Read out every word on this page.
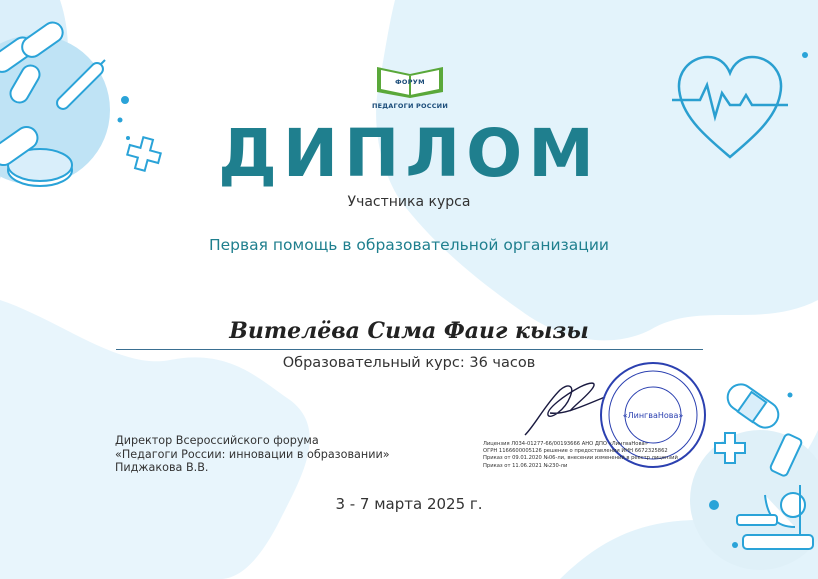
ФОРУМ
ПЕДАГОГИ РОССИИ
ДИПЛОМ
Участника курса
Первая помощь в образовательной организации
Вителёва Сима Фаиг кызы
Образовательный курс: 36 часов
Директор Всероссийского форума
«Педагоги России: инновации в образовании»
Пиджакова В.В.
«ЛингваНова»
Лицензия Л034-01277-66/00193666 АНО ДПО «ЛингваНова»
ОГРН 1166600005126 решение о предоставлении ИНН 6672325862
Приказ от 09.01.2020 №06-ли, внесении изменений в реестр лицензий
Приказ от 11.06.2021 №230-ли
3 - 7 марта 2025 г.
